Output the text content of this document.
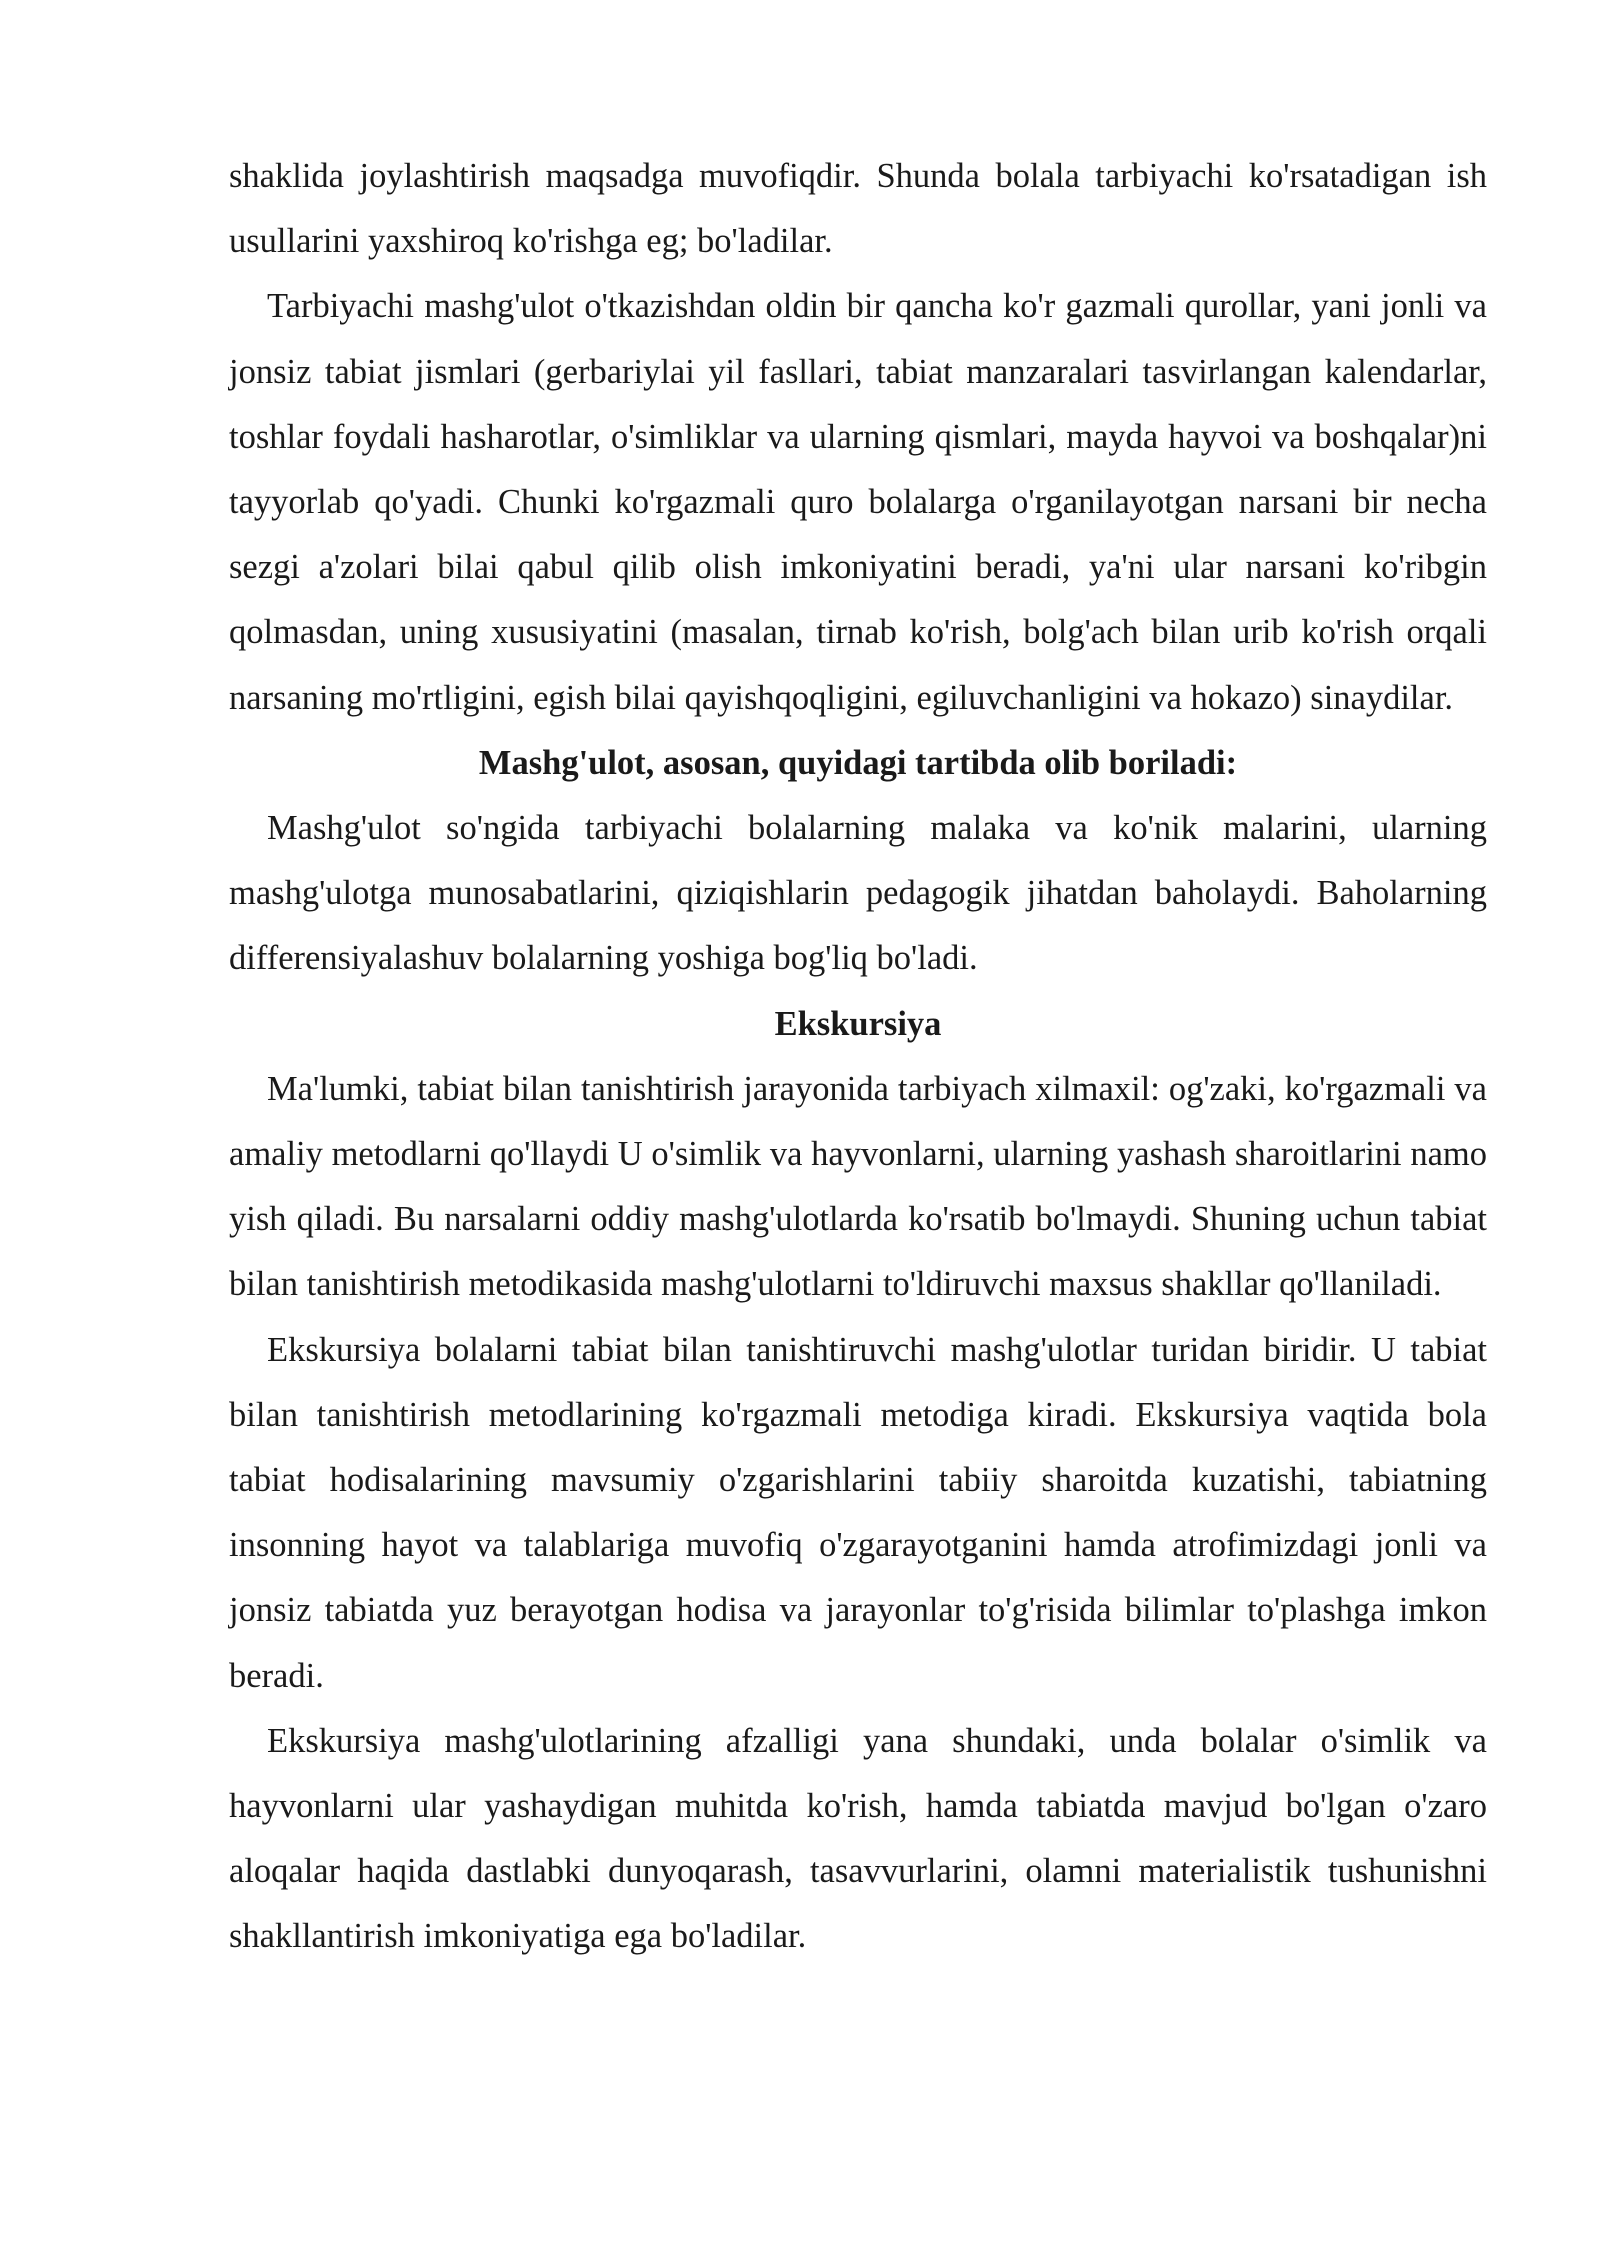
shaklida joylashtirish maqsadga muvofiqdir. Shunda bolala tarbiyachi ko'rsatadigan ish usullarini yaxshiroq ko'rishga eg; bo'ladilar.

Tarbiyachi mashg'ulot o'tkazishdan oldin bir qancha ko'r gazmali qurollar, yani jonli va jonsiz tabiat jismlari (gerbariylai yil fasllari, tabiat manzaralari tasvirlangan kalendarlar, toshlar foydali hasharotlar, o'simliklar va ularning qismlari, mayda hayvoi va boshqalar)ni tayyorlab qo'yadi. Chunki ko'rgazmali quro bolalarga o'rganilayotgan narsani bir necha sezgi a'zolari bilai qabul qilib olish imkoniyatini beradi, ya'ni ular narsani ko'ribgin qolmasdan, uning xususiyatini (masalan, tirnab ko'rish, bolg'ach bilan urib ko'rish orqali narsaning mo'rtligini, egish bilai qayishqoqligini, egiluvchanligini va hokazo) sinaydilar.

Mashg'ulot, asosan, quyidagi tartibda olib boriladi:

Mashg'ulot so'ngida tarbiyachi bolalarning malaka va ko'nik malarini, ularning mashg'ulotga munosabatlarini, qiziqishlarin pedagogik jihatdan baholaydi. Baholarning differensiyalashuv bolalarning yoshiga bog'liq bo'ladi.

Ekskursiya

Ma'lumki, tabiat bilan tanishtirish jarayonida tarbiyach xilmaxil: og'zaki, ko'rgazmali va amaliy metodlarni qo'llaydi U o'simlik va hayvonlarni, ularning yashash sharoitlarini namo yish qiladi. Bu narsalarni oddiy mashg'ulotlarda ko'rsatib bo'lmaydi. Shuning uchun tabiat bilan tanishtirish metodikasida mashg'ulotlarni to'ldiruvchi maxsus shakllar qo'llaniladi.

Ekskursiya bolalarni tabiat bilan tanishtiruvchi mashg'ulotlar turidan biridir. U tabiat bilan tanishtirish metodlarining ko'rgazmali metodiga kiradi. Ekskursiya vaqtida bola tabiat hodisalarining mavsumiy o'zgarishlarini tabiiy sharoitda kuzatishi, tabiatning insonning hayot va talablariga muvofiq o'zgarayotganini hamda atrofimizdagi jonli va jonsiz tabiatda yuz berayotgan hodisa va jarayonlar to'g'risida bilimlar to'plashga imkon beradi.

Ekskursiya mashg'ulotlarining afzalligi yana shundaki, unda bolalar o'simlik va hayvonlarni ular yashaydigan muhitda ko'rish, hamda tabiatda mavjud bo'lgan o'zaro aloqalar haqida dastlabki dunyoqarash, tasavvurlarini, olamni materialistik tushunishni shakllantirish imkoniyatiga ega bo'ladilar.
